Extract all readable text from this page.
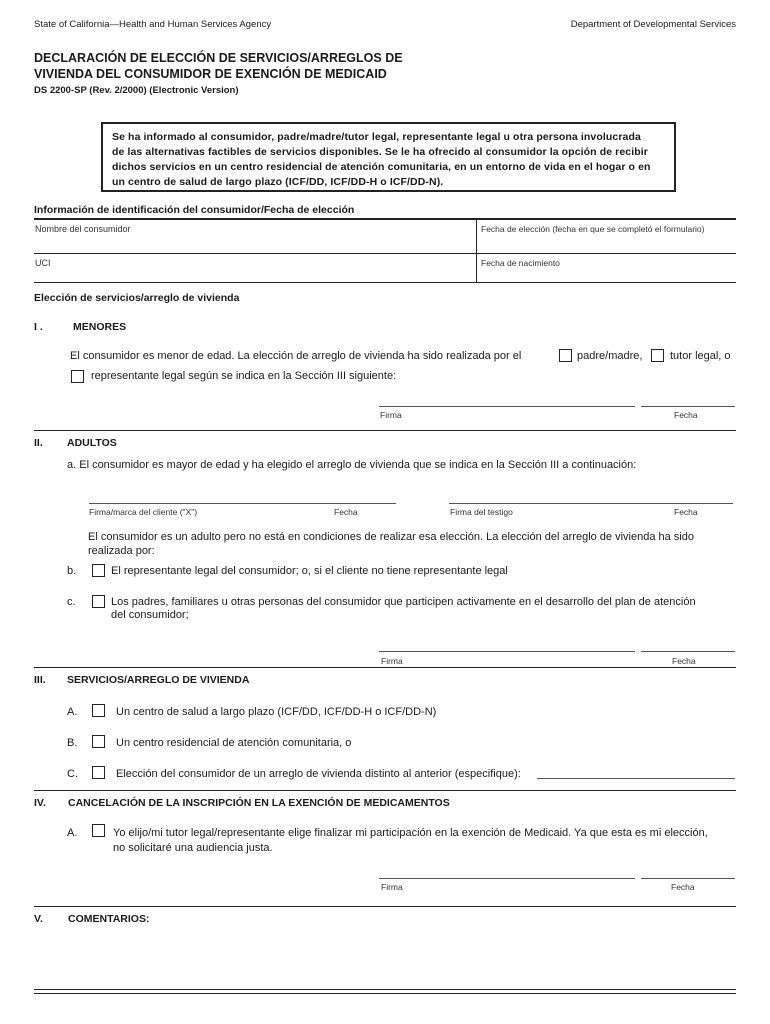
State of California—Health and Human Services Agency	Department of Developmental Services
DECLARACIÓN DE ELECCIÓN DE SERVICIOS/ARREGLOS DE
VIVIENDA DEL CONSUMIDOR DE EXENCIÓN DE MEDICAID
DS 2200-SP (Rev. 2/2000) (Electronic Version)
Se ha informado al consumidor, padre/madre/tutor legal, representante legal u otra persona involucrada
de las alternativas factibles de servicios disponibles. Se le ha ofrecido al consumidor la opción de recibir
dichos servicios en un centro residencial de atención comunitaria, en un entorno de vida en el hogar o en
un centro de salud de largo plazo (ICF/DD, ICF/DD-H o ICF/DD-N).
Información de identificación del consumidor/Fecha de elección
Nombre del consumidor	Fecha de elección (fecha en que se completó el formulario)
UCI	Fecha de nacimiento
Elección de servicios/arreglo de vivienda
I .	MENORES
El consumidor es menor de edad. La elección de arreglo de vivienda ha sido realizada por el	padre/madre,	tutor legal, o
representante legal según se indica en la Sección III siguiente:
Firma	Fecha
II. ADULTOS
a. El consumidor es mayor de edad y ha elegido el arreglo de vivienda que se indica en la Sección III a continuación:
Firma/marca del cliente ("X")	Fecha	Firma del testigo	Fecha
El consumidor es un adulto pero no está en condiciones de realizar esa elección. La elección del arreglo de vivienda ha sido
realizada por:
b.	El representante legal del consumidor; o, si el cliente no tiene representante legal
c.	Los padres, familiares u otras personas del consumidor que participen activamente en el desarrollo del plan de atención
del consumidor;
Firma	Fecha
III. SERVICIOS/ARREGLO DE VIVIENDA
A.	Un centro de salud a largo plazo (ICF/DD, ICF/DD-H o ICF/DD-N)
B.	Un centro residencial de atención comunitaria, o
C.	Elección del consumidor de un arreglo de vivienda distinto al anterior (especifique):
IV. CANCELACIÓN DE LA INSCRIPCIÓN EN LA EXENCIÓN DE MEDICAMENTOS
A.	Yo elijo/mi tutor legal/representante elige finalizar mi participación en la exención de Medicaid. Ya que esta es mi elección,
no solicitaré una audiencia justa.
Firma	Fecha
V. COMENTARIOS:
